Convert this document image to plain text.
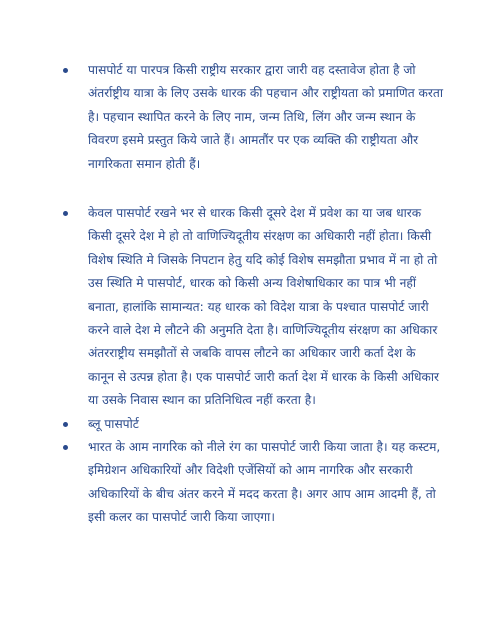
पासपोर्ट या पारपत्र किसी राष्ट्रीय सरकार द्वारा जारी वह दस्तावेज होता है जो अंतर्राष्ट्रीय यात्रा के लिए उसके धारक की पहचान और राष्ट्रीयता को प्रमाणित करता है। पहचान स्थापित करने के लिए नाम, जन्म तिथि, लिंग और जन्म स्थान के विवरण इसमे प्रस्तुत किये जाते हैं। आमतौंर पर एक व्यक्ति की राष्ट्रीयता और नागरिकता समान होती हैं।
केवल पासपोर्ट रखने भर से धारक किसी दूसरे देश में प्रवेश का या जब धारक किसी दूसरे देश मे हो तो वाणिज्यिदूतीय संरक्षण का अधिकारी नहीं होता। किसी विशेष स्थिति मे जिसके निपटान हेतु यदि कोई विशेष समझौता प्रभाव में ना हो तो उस स्थिति मे पासपोर्ट, धारक को किसी अन्य विशेषाधिकार का पात्र भी नहीं बनाता, हालांकि सामान्यत: यह धारक को विदेश यात्रा के पश्चात पासपोर्ट जारी करने वाले देश मे लौटने की अनुमति देता है। वाणिज्यिदूतीय संरक्षण का अधिकार अंतरराष्ट्रीय समझौतों से जबकि वापस लौटने का अधिकार जारी कर्ता देश के कानून से उत्पन्न होता है। एक पासपोर्ट जारी कर्ता देश में धारक के किसी अधिकार या उसके निवास स्थान का प्रतिनिधित्व नहीं करता है।
ब्लू पासपोर्ट
भारत के आम नागरिक को नीले रंग का पासपोर्ट जारी किया जाता है। यह कस्टम, इमिग्रेशन अधिकारियों और विदेशी एजेंसियों को आम नागरिक और सरकारी अधिकारियों के बीच अंतर करने में मदद करता है। अगर आप आम आदमी हैं, तो इसी कलर का पासपोर्ट जारी किया जाएगा।
